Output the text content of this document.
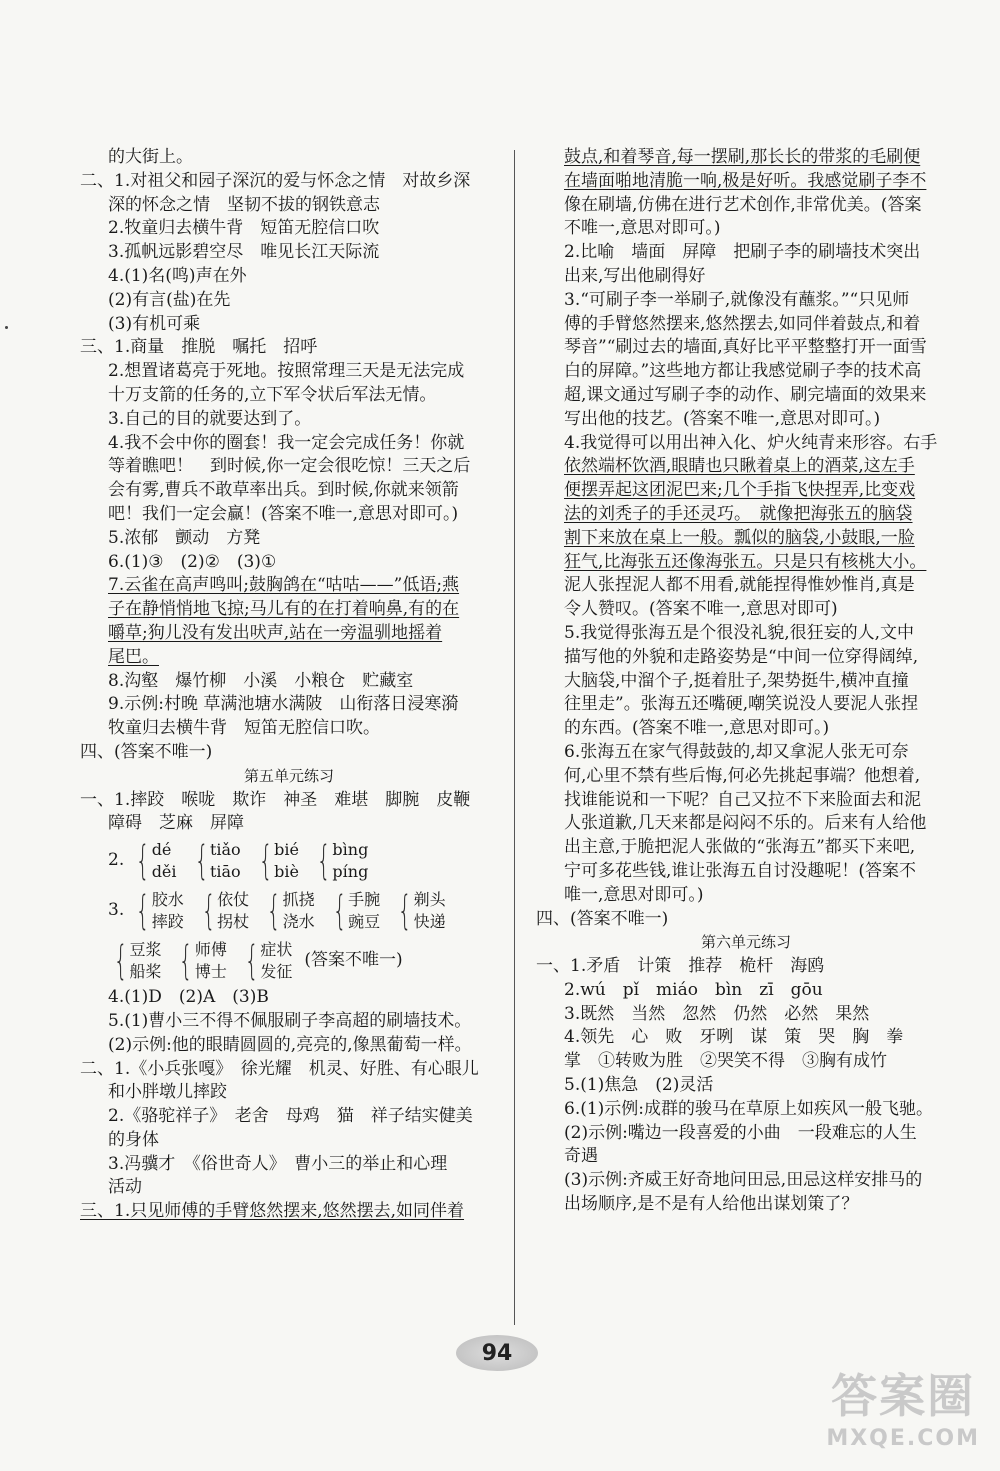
的大街上。
二、1.对祖父和园子深沉的爱与怀念之情　对故乡深
深的怀念之情　坚韧不拔的钢铁意志
2.牧童归去横牛背　短笛无腔信口吹
3.孤帆远影碧空尽　唯见长江天际流
4.(1)名(鸣)声在外
(2)有言(盐)在先
(3)有机可乘
三、1.商量　推脱　嘱托　招呼
2.想置诸葛亮于死地。按照常理三天是无法完成
十万支箭的任务的,立下军令状后军法无情。
3.自己的目的就要达到了。
4.我不会中你的圈套！我一定会完成任务！你就
等着瞧吧！　到时候,你一定会很吃惊！三天之后
会有雾,曹兵不敢草率出兵。到时候,你就来领箭
吧！我们一定会赢！(答案不唯一,意思对即可。)
5.浓郁　颤动　方凳
6.(1)③　(2)②　(3)①
7.云雀在高声鸣叫;鼓胸鸽在“咕咕——”低语;燕
子在静悄悄地飞掠;马儿有的在打着响鼻,有的在
嚼草;狗儿没有发出吠声,站在一旁温驯地摇着
尾巴。
8.沟壑　爆竹柳　小溪　小粮仓　贮藏室
9.示例:村晚 草满池塘水满陂　山衔落日浸寒漪
牧童归去横牛背　短笛无腔信口吹。
四、(答案不唯一)
第五单元练习
一、1.摔跤　喉咙　欺诈　神圣　难堪　脚腕　皮鞭
障碍　芝麻　屏障
2. { dé
děi { tiǎo
tiāo { bié
biè { bìng
píng
3. { 胶水
摔跤 { 依仗
拐杖 { 抓挠
浇水 { 手腕
豌豆 { 剃头
快递
{ 豆浆
船桨 { 师傅
博士 { 症状
发征
(答案不唯一)
4.(1)D　(2)A　(3)B
5.(1)曹小三不得不佩服刷子李高超的刷墙技术。
(2)示例:他的眼睛圆圆的,亮亮的,像黑葡萄一样。
二、1.《小兵张嘎》　徐光耀　机灵、好胜、有心眼儿
和小胖墩儿摔跤
2.《骆驼祥子》　老舍　母鸡　猫　祥子结实健美
的身体
3.冯骥才　《俗世奇人》　曹小三的举止和心理
活动
三、1.只见师傅的手臂悠然摆来,悠然摆去,如同伴着
鼓点,和着琴音,每一摆刷,那长长的带浆的毛刷便
在墙面啪地清脆一响,极是好听。我感觉刷子李不
像在刷墙,仿佛在进行艺术创作,非常优美。(答案
不唯一,意思对即可。)
2.比喻　墙面　屏障　把刷子李的刷墙技术突出
出来,写出他刷得好
3.“可刷子李一举刷子,就像没有蘸浆。”“只见师
傅的手臂悠然摆来,悠然摆去,如同伴着鼓点,和着
琴音”“刷过去的墙面,真好比平平整整打开一面雪
白的屏障。”这些地方都让我感觉刷子李的技术高
超,课文通过写刷子李的动作、刷完墙面的效果来
写出他的技艺。(答案不唯一,意思对即可。)
4.我觉得可以用出神入化、炉火纯青来形容。右手
依然端杯饮酒,眼睛也只瞅着桌上的酒菜,这左手
便摆弄起这团泥巴来;几个手指飞快捏弄,比变戏
法的刘秃子的手还灵巧。　就像把海张五的脑袋
割下来放在桌上一般。瓢似的脑袋,小鼓眼,一脸
狂气,比海张五还像海张五。只是只有核桃大小。
泥人张捏泥人都不用看,就能捏得惟妙惟肖,真是
令人赞叹。(答案不唯一,意思对即可)
5.我觉得张海五是个很没礼貌,很狂妄的人,文中
描写他的外貌和走路姿势是“中间一位穿得阔绰,
大脑袋,中溜个子,挺着肚子,架势挺牛,横冲直撞
往里走”。张海五还嘴硬,嘲笑说没人要泥人张捏
的东西。(答案不唯一,意思对即可。)
6.张海五在家气得鼓鼓的,却又拿泥人张无可奈
何,心里不禁有些后悔,何必先挑起事端？他想着,
找谁能说和一下呢？自己又拉不下来脸面去和泥
人张道歉,几天来都是闷闷不乐的。后来有人给他
出主意,于脆把泥人张做的“张海五”都买下来吧,
宁可多花些钱,谁让张海五自讨没趣呢！(答案不
唯一,意思对即可。)
四、(答案不唯一)
第六单元练习
一、1.矛盾　计策　推荐　桅杆　海鸥
2.wú　pǐ　miáo　bìn　zī　gōu
3.既然　当然　忽然　仍然　必然　果然
4.领先　心　败　牙咧　谋　策　哭　胸　拳
掌　①转败为胜　②哭笑不得　③胸有成竹
5.(1)焦急　(2)灵活
6.(1)示例:成群的骏马在草原上如疾风一般飞驰。
(2)示例:嘴边一段喜爱的小曲　一段难忘的人生
奇遇
(3)示例:齐威王好奇地问田忌,田忌这样安排马的
出场顺序,是不是有人给他出谋划策了？
94
答案圈
MXQE.COM
